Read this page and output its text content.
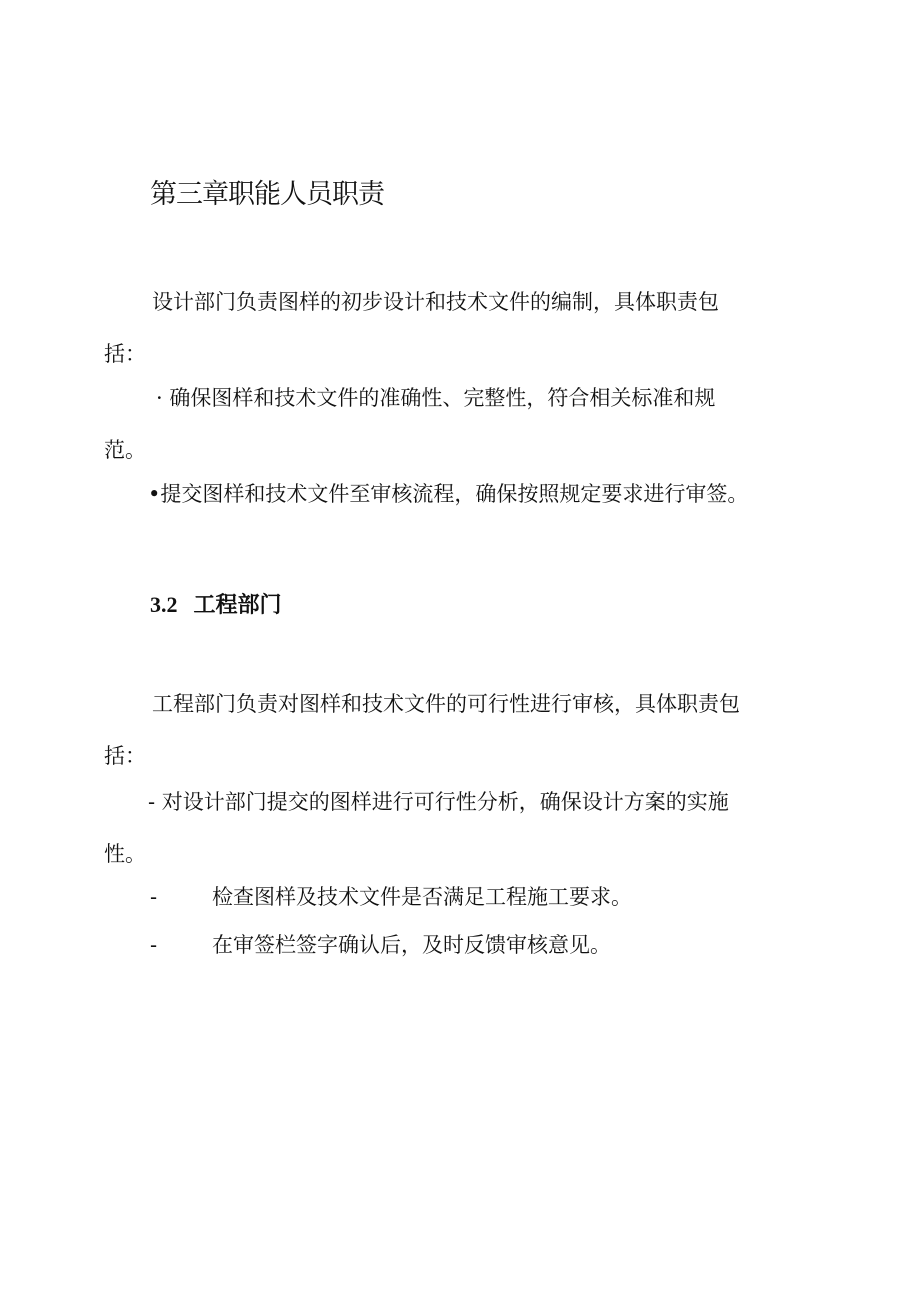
第三章职能人员职责

设计部门负责图样的初步设计和技术文件的编制，具体职责包
括：

· 确保图样和技术文件的准确性、完整性，符合相关标准和规
范。

•提交图样和技术文件至审核流程，确保按照规定要求进行审签。

3.2 工程部门

工程部门负责对图样和技术文件的可行性进行审核，具体职责包
括：

- 对设计部门提交的图样进行可行性分析，确保设计方案的实施
性。

-	检查图样及技术文件是否满足工程施工要求。
-	在审签栏签字确认后，及时反馈审核意见。
